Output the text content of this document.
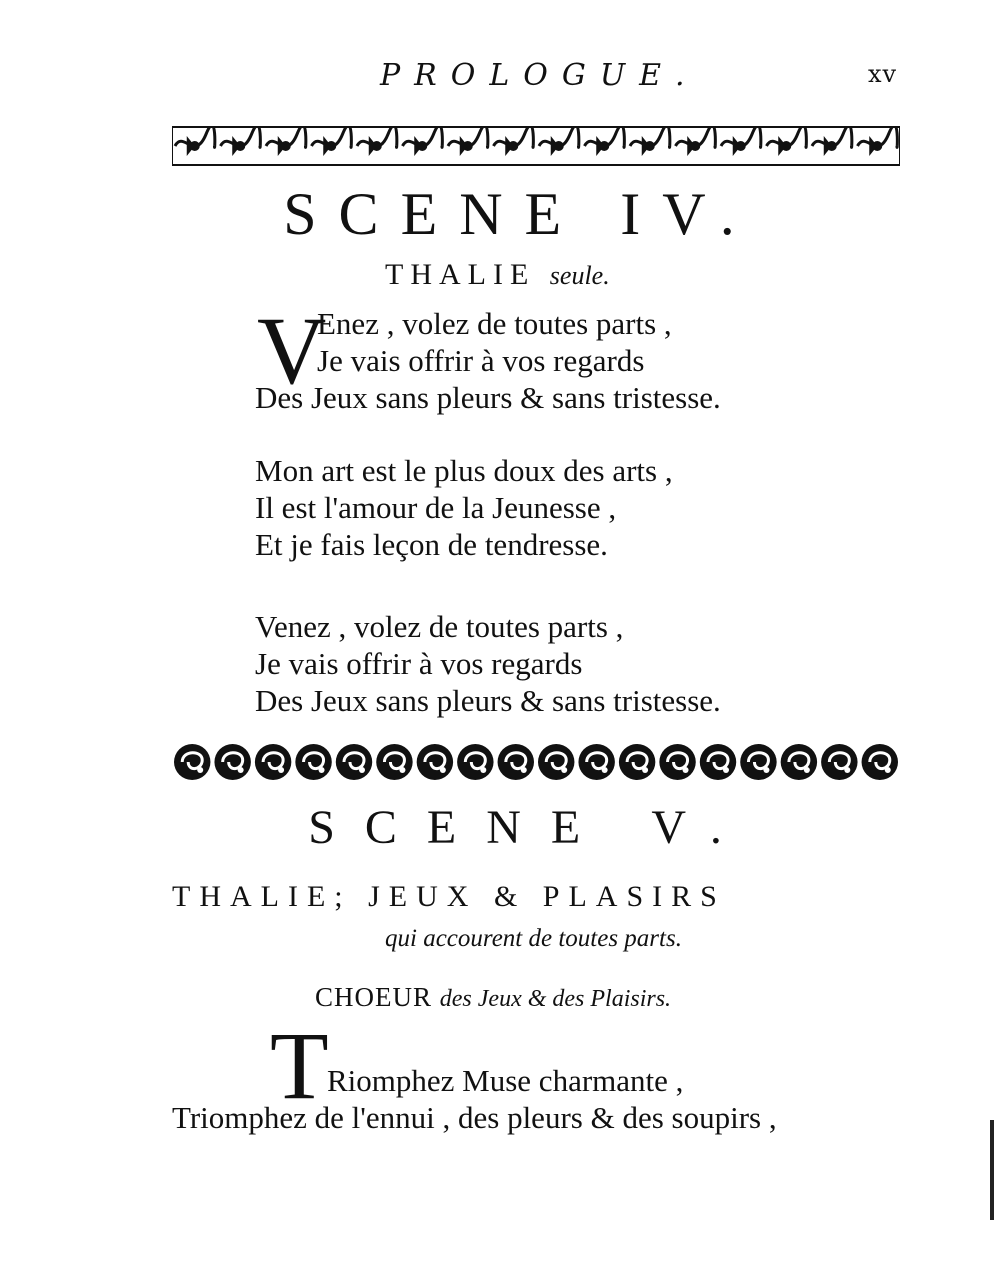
PROLOGUE.	xv
SCENE IV.
THALIE seule.
V
Enez , volez de toutes parts ,
Je vais offrir à vos regards
Des Jeux sans pleurs & sans tristesse.
Mon art est le plus doux des arts ,
Il est l'amour de la Jeunesse ,
Et je fais leçon de tendresse.
Venez , volez de toutes parts ,
Je vais offrir à vos regards
Des Jeux sans pleurs & sans tristesse.
SCENE V.
THALIE; JEUX & PLASIRS
qui accourent de toutes parts.
CHOEUR des Jeux & des Plaisirs.
T
Riomphez Muse charmante ,
Triomphez de l'ennui , des pleurs & des soupirs ,
